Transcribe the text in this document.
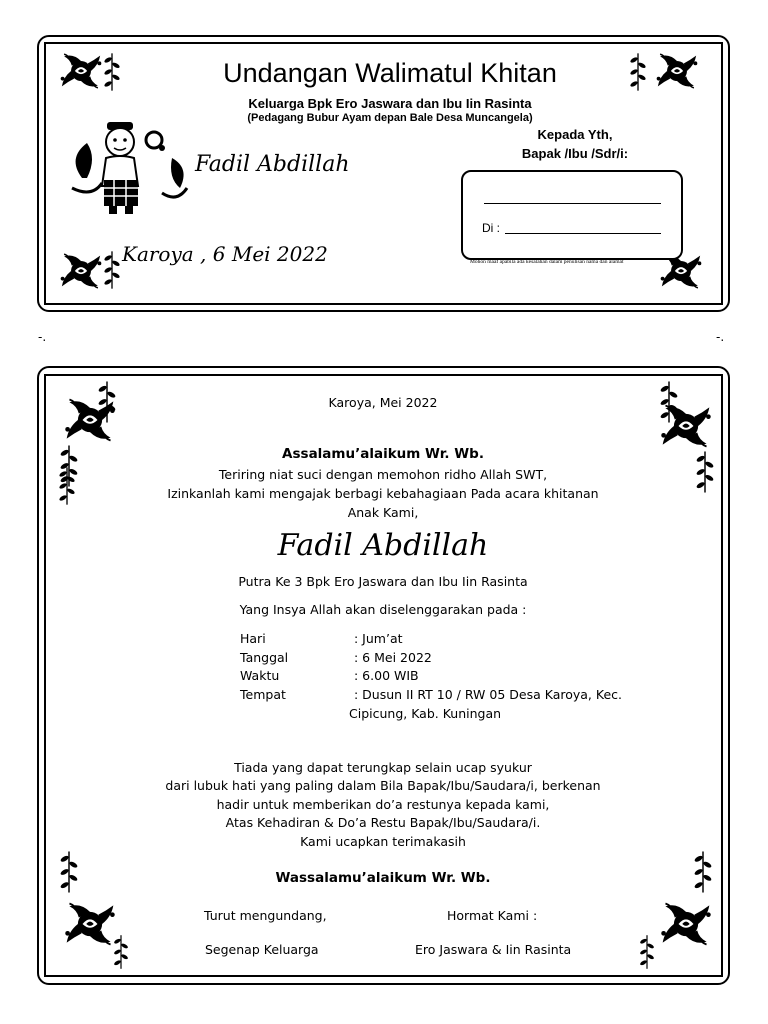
Undangan Walimatul Khitan
Keluarga Bpk Ero Jaswara dan Ibu Iin Rasinta
(Pedagang Bubur Ayam depan Bale Desa Muncangela)
Fadil Abdillah
Karoya , 6 Mei 2022
Kepada Yth,
Bapak /Ibu /Sdr/i:
Di :
Mohon maaf apabila ada kesalahan dalam penulisan nama dan alamat
-.	-.
Karoya, Mei 2022
Assalamu’alaikum Wr. Wb.
Teriring niat suci dengan memohon ridho Allah SWT,
Izinkanlah kami mengajak berbagi kebahagiaan Pada acara khitanan
Anak Kami,
Fadil Abdillah
Putra Ke 3 Bpk Ero Jaswara dan Ibu Iin Rasinta
Yang Insya Allah akan diselenggarakan pada :
Hari	: Jum’at
Tanggal	: 6 Mei 2022
Waktu	: 6.00 WIB
Tempat	: Dusun II RT 10 / RW 05 Desa Karoya, Kec.
Cipicung, Kab. Kuningan
Tiada yang dapat terungkap selain ucap syukur
dari lubuk hati yang paling dalam Bila Bapak/Ibu/Saudara/i, berkenan
hadir untuk memberikan do’a restunya kepada kami,
Atas Kehadiran & Do’a Restu Bapak/Ibu/Saudara/i.
Kami ucapkan terimakasih
Wassalamu’alaikum Wr. Wb.
Turut mengundang,	Hormat Kami :
Segenap Keluarga	Ero Jaswara & Iin Rasinta
